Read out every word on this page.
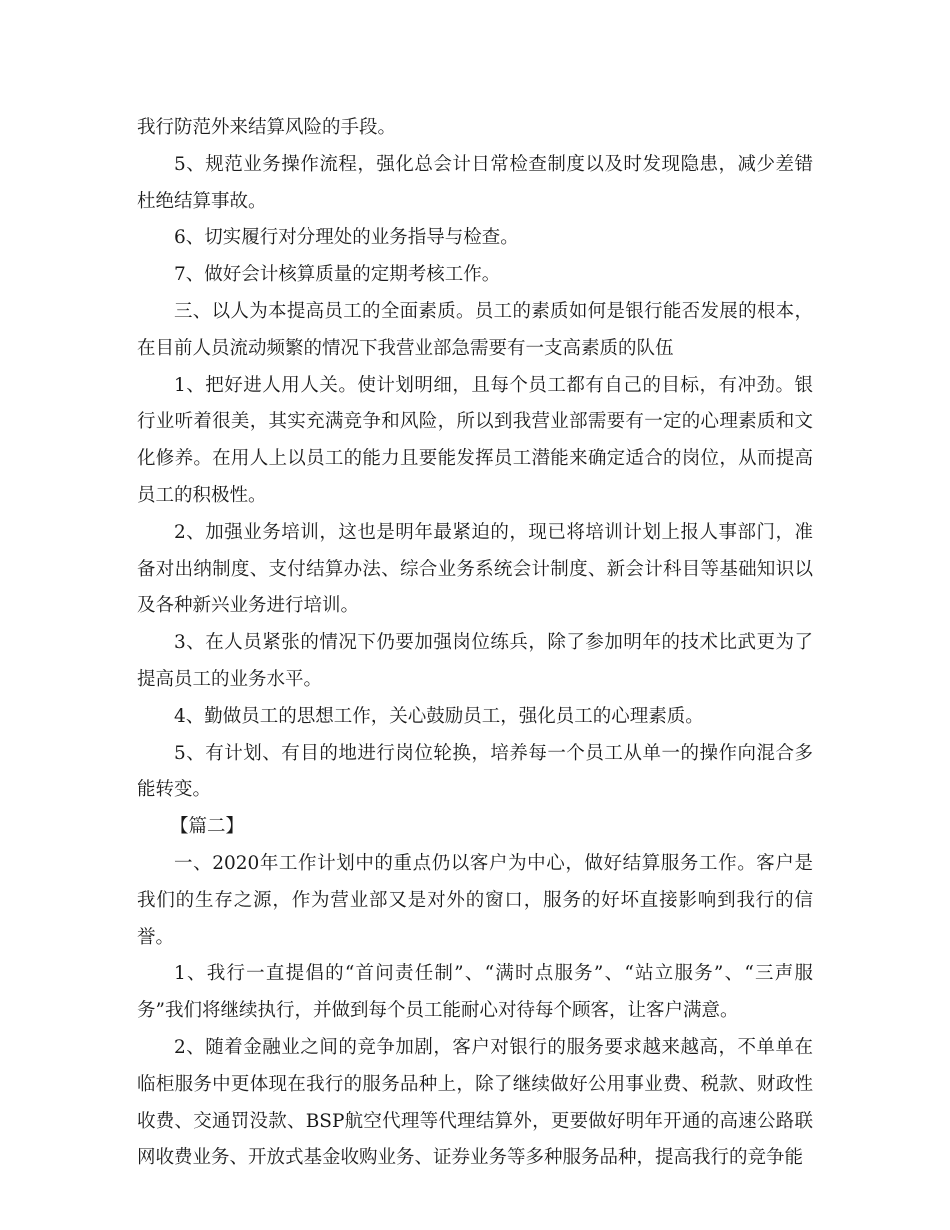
我行防范外来结算风险的手段。

5、规范业务操作流程，强化总会计日常检查制度以及时发现隐患，减少差错杜绝结算事故。

6、切实履行对分理处的业务指导与检查。

7、做好会计核算质量的定期考核工作。

三、以人为本提高员工的全面素质。员工的素质如何是银行能否发展的根本，在目前人员流动频繁的情况下我营业部急需要有一支高素质的队伍

1、把好进人用人关。使计划明细，且每个员工都有自己的目标，有冲劲。银行业听着很美，其实充满竞争和风险，所以到我营业部需要有一定的心理素质和文化修养。在用人上以员工的能力且要能发挥员工潜能来确定适合的岗位，从而提高员工的积极性。

2、加强业务培训，这也是明年最紧迫的，现已将培训计划上报人事部门，准备对出纳制度、支付结算办法、综合业务系统会计制度、新会计科目等基础知识以及各种新兴业务进行培训。

3、在人员紧张的情况下仍要加强岗位练兵，除了参加明年的技术比武更为了提高员工的业务水平。

4、勤做员工的思想工作，关心鼓励员工，强化员工的心理素质。

5、有计划、有目的地进行岗位轮换，培养每一个员工从单一的操作向混合多能转变。

【篇二】

一、2020年工作计划中的重点仍以客户为中心，做好结算服务工作。客户是我们的生存之源，作为营业部又是对外的窗口，服务的好坏直接影响到我行的信誉。

1、我行一直提倡的“首问责任制”、“满时点服务”、“站立服务”、“三声服务”我们将继续执行，并做到每个员工能耐心对待每个顾客，让客户满意。

2、随着金融业之间的竞争加剧，客户对银行的服务要求越来越高，不单单在临柜服务中更体现在我行的服务品种上，除了继续做好公用事业费、税款、财政性收费、交通罚没款、BSP航空代理等代理结算外，更要做好明年开通的高速公路联网收费业务、开放式基金收购业务、证券业务等多种服务品种，提高我行的竞争能
